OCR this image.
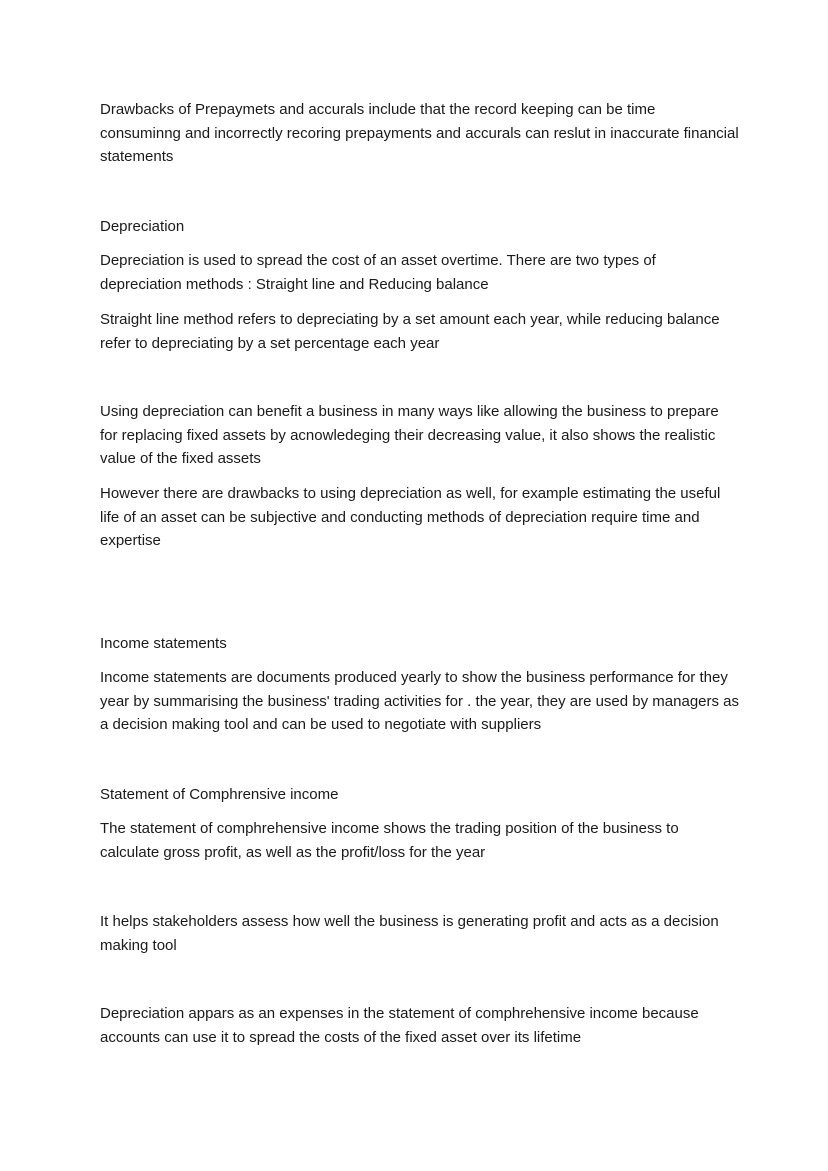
Drawbacks of Prepaymets and accurals include that the record keeping can be time consuminng and incorrectly recoring prepayments and accurals can reslut in inaccurate financial statements
Depreciation
Depreciation is used to spread the cost of an asset overtime. There are two types of depreciation methods : Straight line and Reducing balance
Straight line method refers to depreciating by a set amount each year, while reducing balance refer to depreciating by a set percentage each year
Using depreciation can benefit a business in many ways like allowing the business to prepare for replacing fixed assets by acnowledeging their decreasing value, it also shows the realistic value of the fixed assets
However there are drawbacks to using depreciation as well, for example estimating the useful life of an asset can be subjective and conducting methods of depreciation require time and expertise
Income statements
Income statements are documents produced yearly to show the business performance for they year by summarising the business' trading activities for . the year, they are used by managers as a decision making tool and can be used to negotiate with suppliers
Statement of Comphrensive income
The statement of comphrehensive income shows the trading position of the business to calculate gross profit, as well as the profit/loss for the year
It helps stakeholders assess how well the business is generating profit and acts as a decision making tool
Depreciation appars as an expenses in the statement of comphrehensive income because accounts can use it to spread the costs of the fixed asset over its lifetime
